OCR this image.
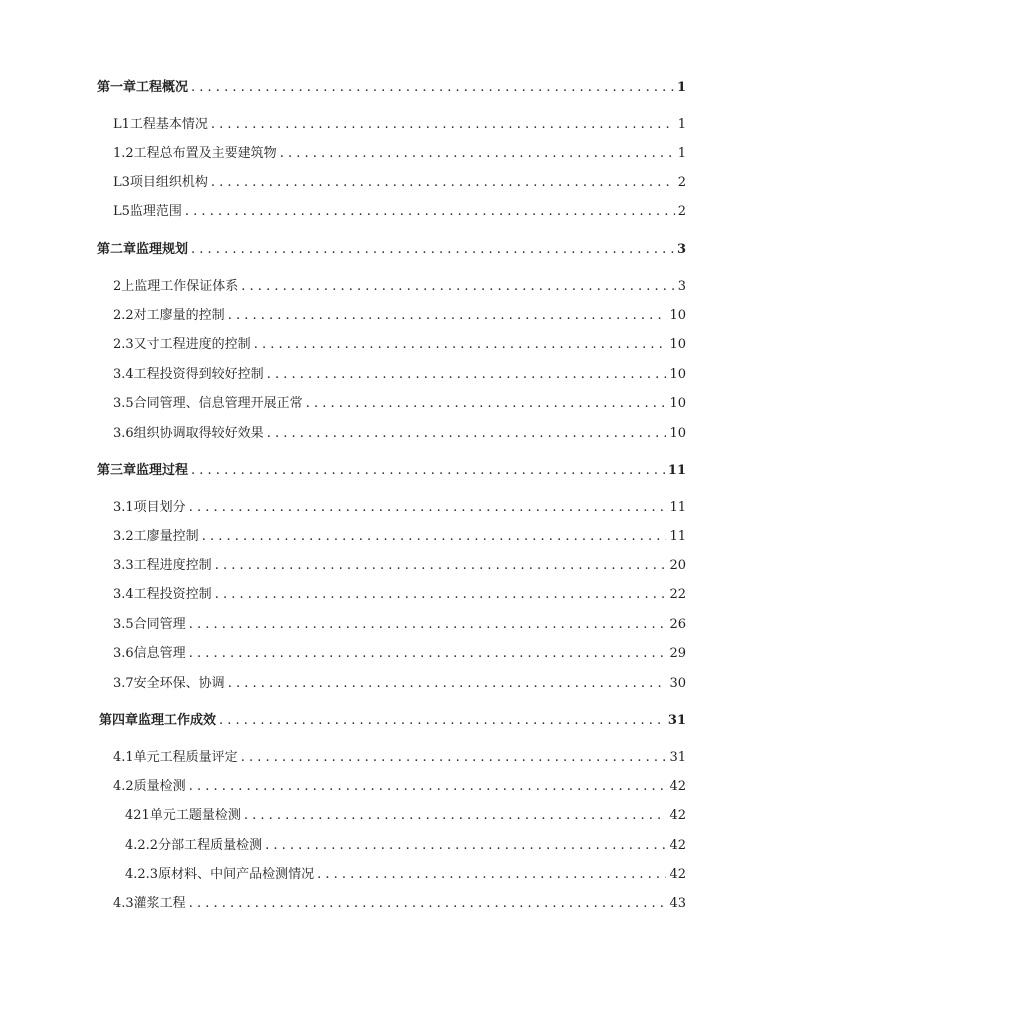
第一章工程概况 . . .	1
L1工程基本情况 . . .	1
1.2工程总布置及主要建筑物 . . .	1
L3项目组织机构 . . .	2
L5监理范围 . . .	2
第二章监理规划 . . .	3
2上监理工作保证体系 . . .	3
2.2对工廖量的控制 . . .	10
2.3又寸工程进度的控制 . . .	10
3.4工程投资得到较好控制 . . .	10
3.5合同管理、信息管理开展正常 . . .	10
3.6组织协调取得较好效果 . . .	10
第三章监理过程 . . .	11
3.1项目划分 . . .	11
3.2工廖量控制 . . .	11
3.3工程进度控制 . . .	20
3.4工程投资控制 . . .	22
3.5合同管理 . . .	26
3.6信息管理 . . .	29
3.7安全环保、协调 . . .	30
第四章监理工作成效 . . .	31
4.1单元工程质量评定 . . .	31
4.2质量检测 . . .	42
421单元工题量检测 . . .	42
4.2.2分部工程质量检测 . . .	42
4.2.3原材料、中间产品检测情况 . . .	42
4.3灌浆工程 . . .	43
